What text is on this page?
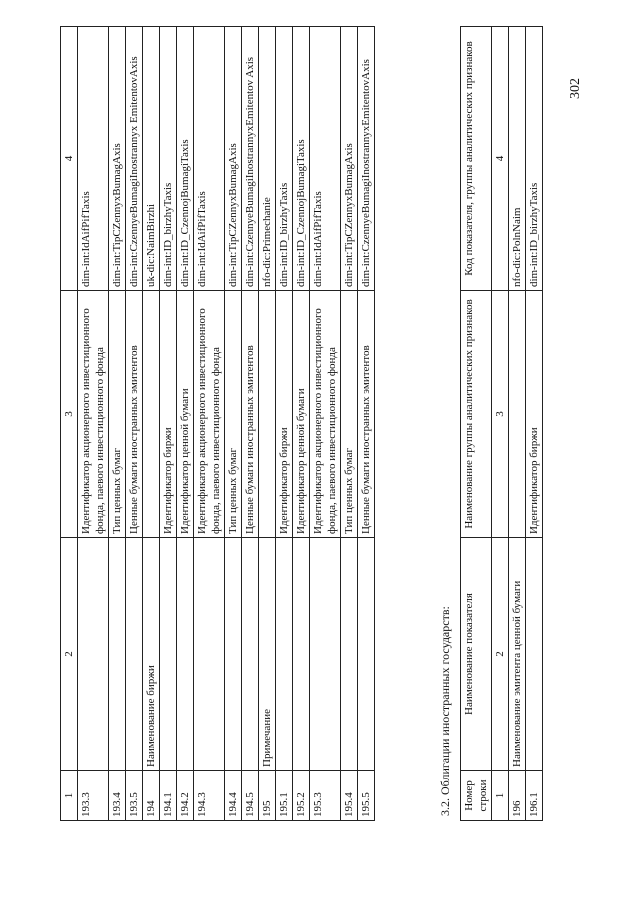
302
1	2	3	4
193.3		Идентификатор акционерного инвестиционного фонда, паевого инвестиционного фонда	dim-int:IdAifPifTaxis
193.4		Тип ценных бумаг	dim-int:TipCZennyxBumagAxis
193.5		Ценные бумаги иностранных эмитентов	dim-int:CzennyeBumagiInostrannyx EmitentovAxis
194	Наименование биржи		uk-dic:NaimBirzhi
194.1		Идентификатор биржи	dim-int:ID_birzhyTaxis
194.2		Идентификатор ценной бумаги	dim-int:ID_CzennojBumagiTaxis
194.3		Идентификатор акционерного инвестиционного фонда, паевого инвестиционного фонда	dim-int:IdAifPifTaxis
194.4		Тип ценных бумаг	dim-int:TipCZennyxBumagAxis
194.5		Ценные бумаги иностранных эмитентов	dim-int:CzennyeBumagiInostrannyxEmitentov Axis
195	Примечание		nfo-dic:Primechanie
195.1		Идентификатор биржи	dim-int:ID_birzhyTaxis
195.2		Идентификатор ценной бумаги	dim-int:ID_CzennojBumagiTaxis
195.3		Идентификатор акционерного инвестиционного фонда, паевого инвестиционного фонда	dim-int:IdAifPifTaxis
195.4		Тип ценных бумаг	dim-int:TipCZennyxBumagAxis
195.5		Ценные бумаги иностранных эмитентов	dim-int:CzennyeBumagiInostrannyxEmitentovAxis
3.2. Облигации иностранных государств: Номер строки	Наименование показателя	Наименование группы аналитических признаков	Код показателя, группы аналитических признаков
1	2	3	4
196	Наименование эмитента ценной бумаги		nfo-dic:PolnNaim
196.1		Идентификатор биржи	dim-int:ID_birzhyTaxis
